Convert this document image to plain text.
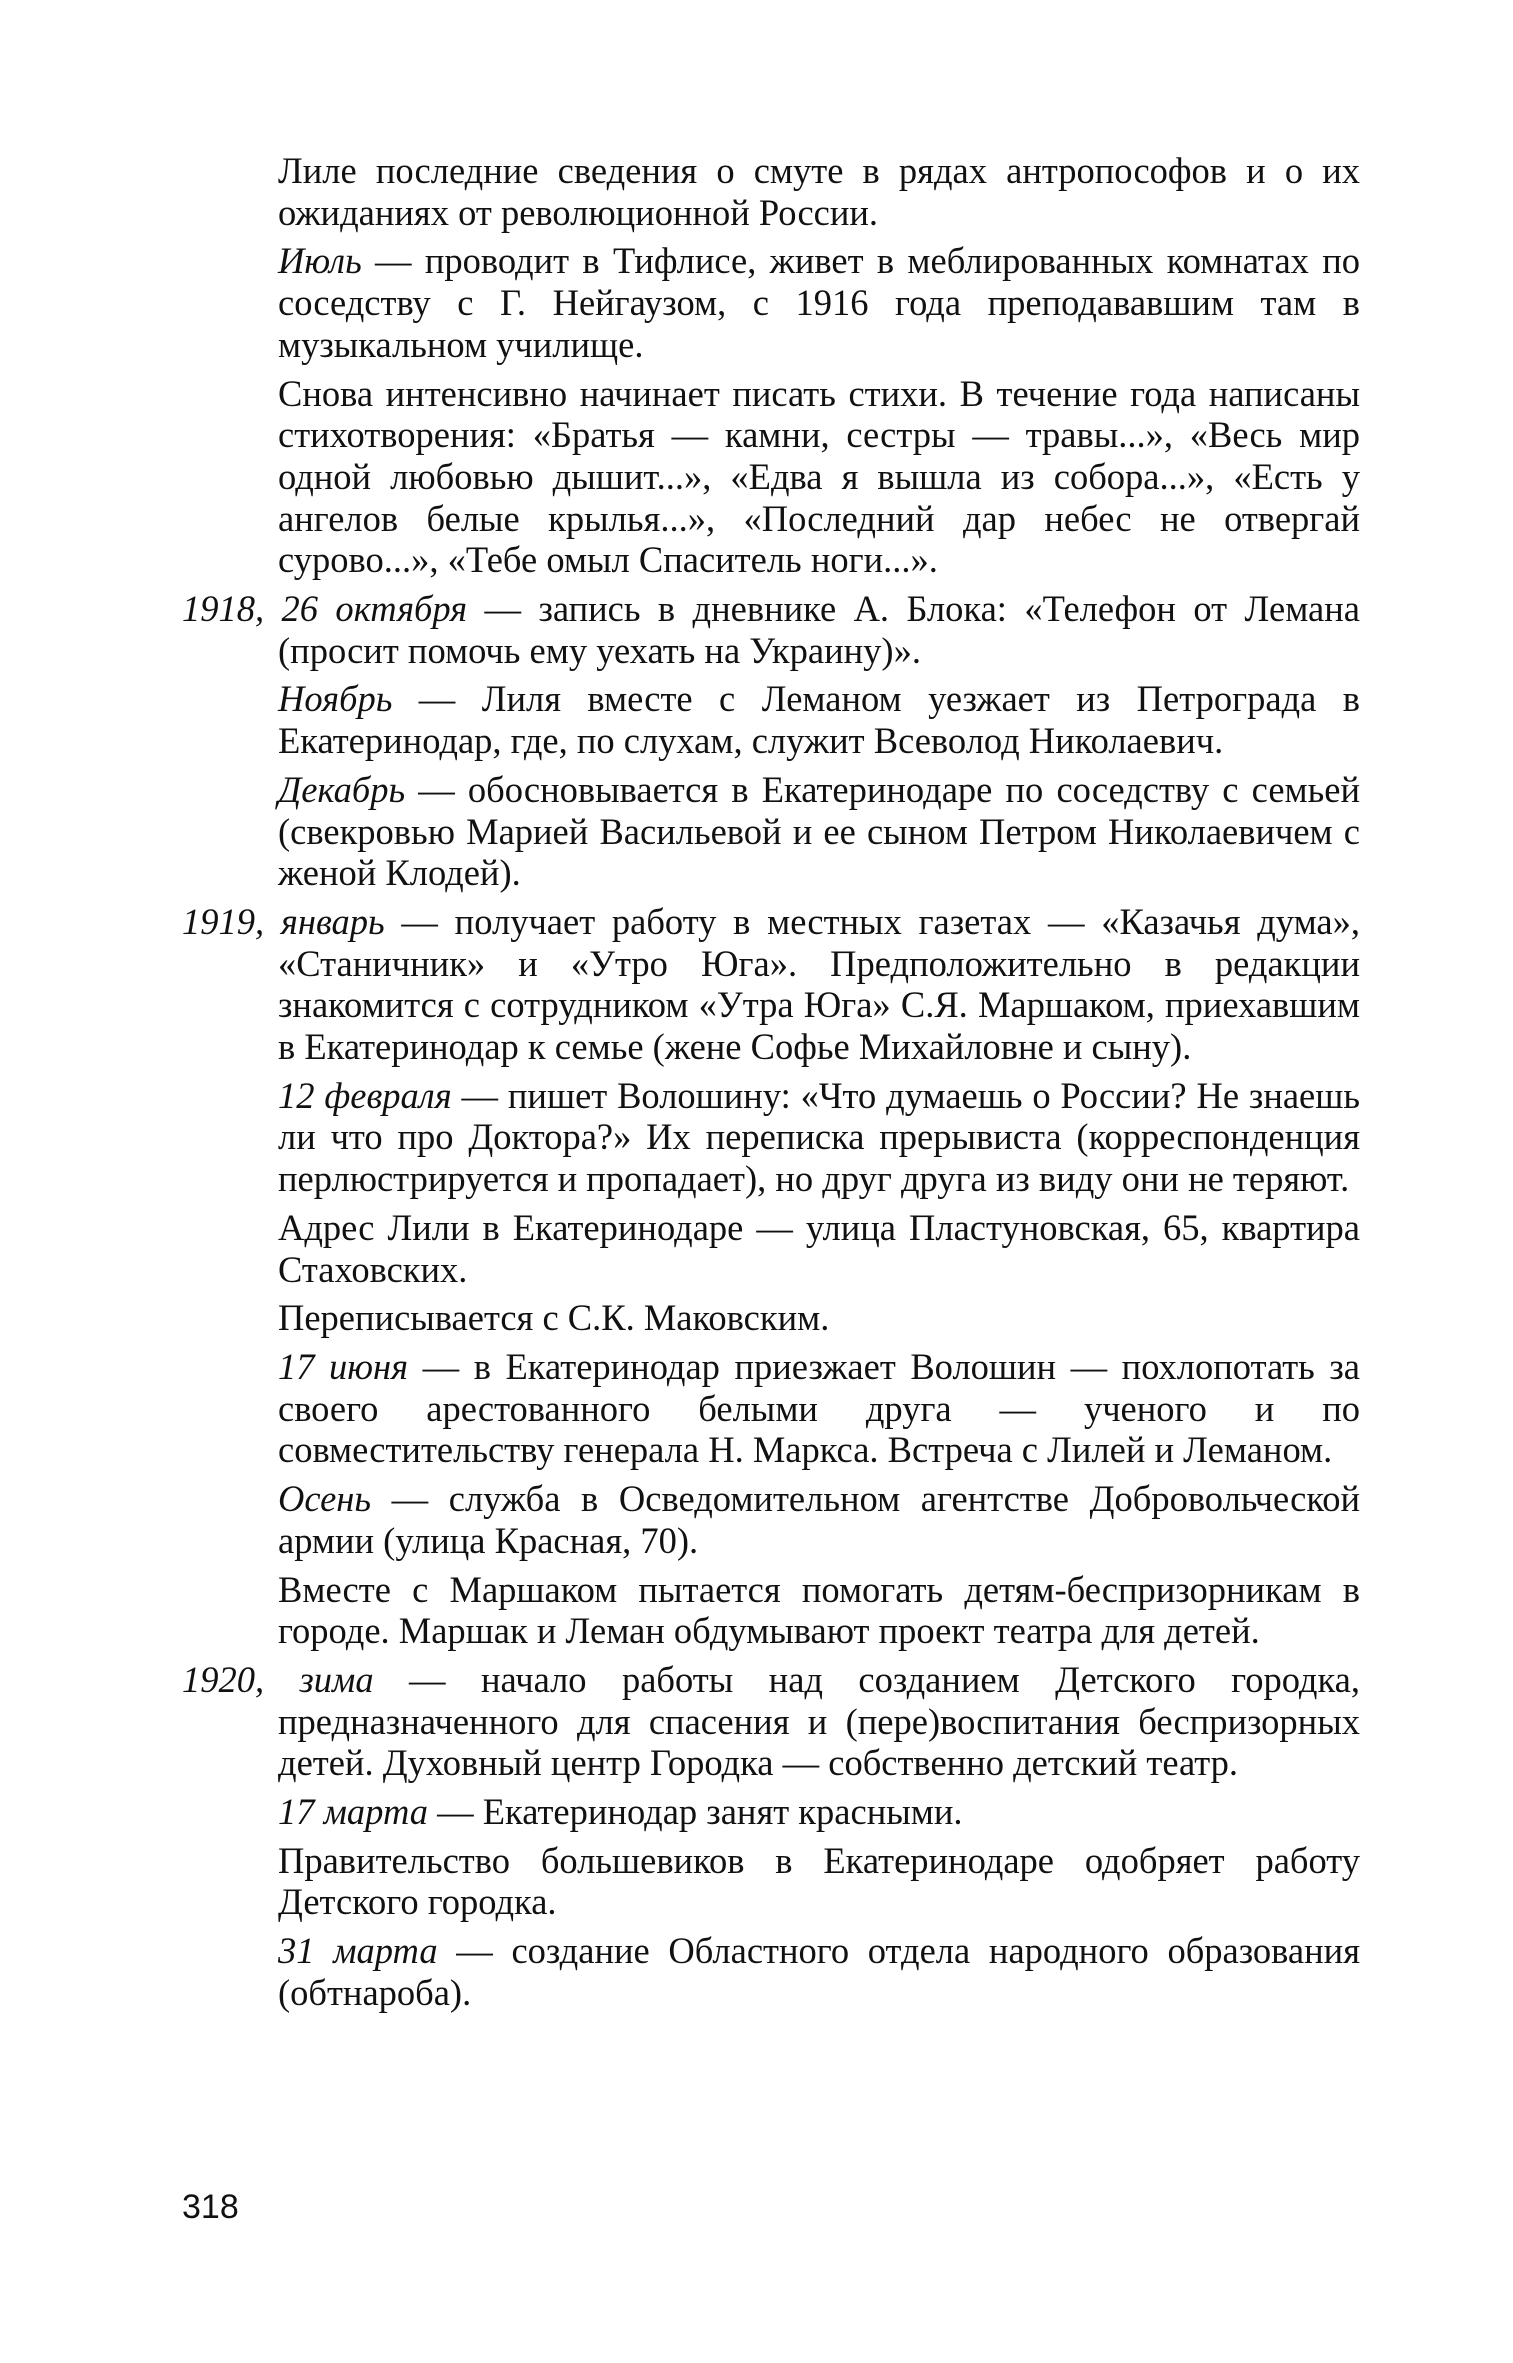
Лиле последние сведения о смуте в рядах антропософов и о их ожиданиях от революционной России.

Июль — проводит в Тифлисе, живет в меблированных комнатах по соседству с Г. Нейгаузом, с 1916 года преподававшим там в музыкальном училище.

Снова интенсивно начинает писать стихи. В течение года написаны стихотворения: «Братья — камни, сестры — травы...», «Весь мир одной любовью дышит...», «Едва я вышла из собора...», «Есть у ангелов белые крылья...», «Последний дар небес не отвергай сурово...», «Тебе омыл Спаситель ноги...».

1918, 26 октября — запись в дневнике А. Блока: «Телефон от Лемана (просит помочь ему уехать на Украину)».

Ноябрь — Лиля вместе с Леманом уезжает из Петрограда в Екатеринодар, где, по слухам, служит Всеволод Николаевич.

Декабрь — обосновывается в Екатеринодаре по соседству с семьей (свекровью Марией Васильевой и ее сыном Петром Николаевичем с женой Клодей).

1919, январь — получает работу в местных газетах — «Казачья дума», «Станичник» и «Утро Юга». Предположительно в редакции знакомится с сотрудником «Утра Юга» С.Я. Маршаком, приехавшим в Екатеринодар к семье (жене Софье Михайловне и сыну).

12 февраля — пишет Волошину: «Что думаешь о России? Не знаешь ли что про Доктора?» Их переписка прерывиста (корреспонденция перлюстрируется и пропадает), но друг друга из виду они не теряют.

Адрес Лили в Екатеринодаре — улица Пластуновская, 65, квартира Стаховских.

Переписывается с С.К. Маковским.

17 июня — в Екатеринодар приезжает Волошин — похлопотать за своего арестованного белыми друга — ученого и по совместительству генерала Н. Маркса. Встреча с Лилей и Леманом.

Осень — служба в Осведомительном агентстве Добровольческой армии (улица Красная, 70).

Вместе с Маршаком пытается помогать детям-беспризорникам в городе. Маршак и Леман обдумывают проект театра для детей.

1920, зима — начало работы над созданием Детского городка, предназначенного для спасения и (пере)воспитания беспризорных детей. Духовный центр Городка — собственно детский театр.

17 марта — Екатеринодар занят красными.

Правительство большевиков в Екатеринодаре одобряет работу Детского городка.

31 марта — создание Областного отдела народного образования (обтнароба).

318
